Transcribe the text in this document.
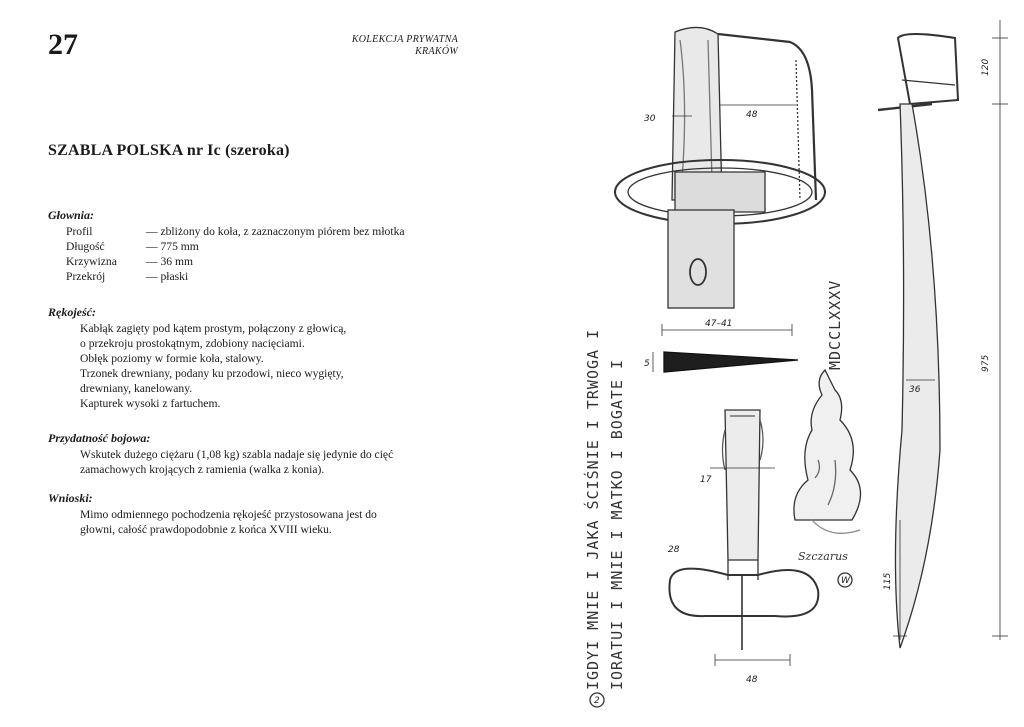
27	KOLEKCJA PRYWATNA
KRAKÓW
SZABLA POLSKA nr Ic (szeroka)
Głownia:
Profil	— zbliżony do koła, z zaznaczonym piórem bez młotka
Długość	— 775 mm
Krzywizna	— 36 mm
Przekrój	— płaski
Rękojeść:
Kabłąk zagięty pod kątem prostym, połączony z głowicą,
o przekroju prostokątnym, zdobiony nacięciami.
Obłęk poziomy w formie koła, stalowy.
Trzonek drewniany, podany ku przodowi, nieco wygięty,
drewniany, kanelowany.
Kapturek wysoki z fartuchem.
Przydatność bojowa:
Wskutek dużego ciężaru (1,08 kg) szabla nadaje się jedynie do cięć
zamachowych krojących z ramienia (walka z konia).
Wnioski:
Mimo odmiennego pochodzenia rękojeść przystosowana jest do
głowni, całość prawdopodobnie z końca XVIII wieku.
30	48
47–41
5
17
28
48
36
120
975
115
IGDYI MNIE I JAKA ŚCIŚNIE I TRWOGA I IORATUI I MNIE I MATKO I BOGATE I
MDCCLXXXV
Szczarus
2
W
